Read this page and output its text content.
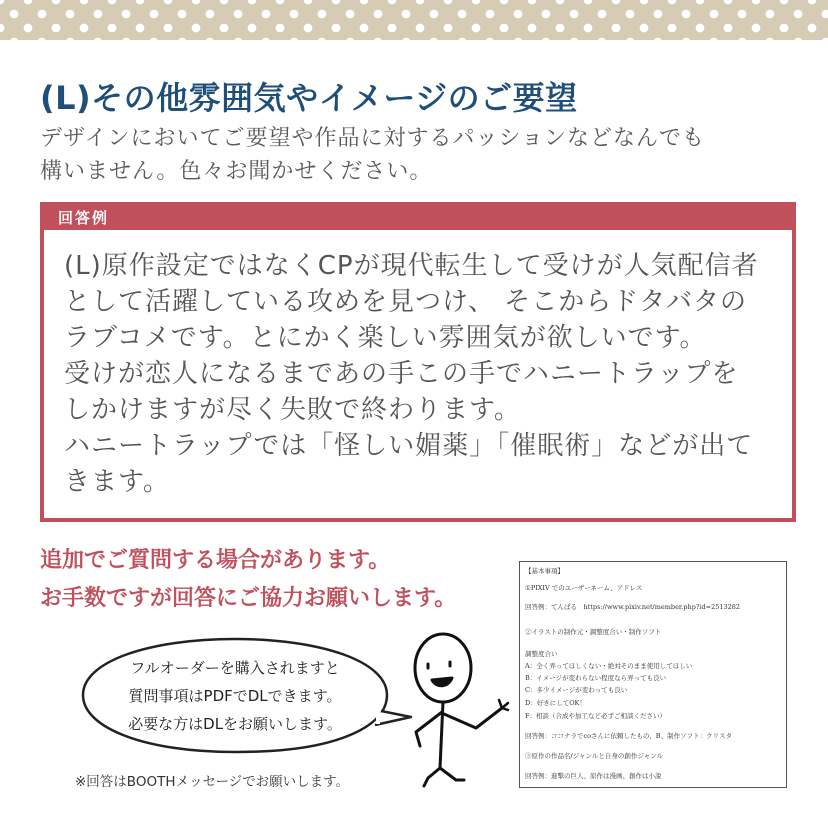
(L)その他雰囲気やイメージのご要望

デザインにおいてご要望や作品に対するパッションなどなんでも
構いません。色々お聞かせください。

回答例

(L)原作設定ではなくCPが現代転生して受けが人気配信者
として活躍している攻めを見つけ、 そこからドタバタの
ラブコメです。とにかく楽しい雰囲気が欲しいです。
受けが恋人になるまであの手この手でハニートラップを
しかけますが尽く失敗で終わります。
ハニートラップでは「怪しい媚薬」「催眠術」などが出て
きます。

追加でご質問する場合があります。
お手数ですが回答にご協力お願いします。

フルオーダーを購入されますと
質問事項はPDFでDLできます。
必要な方はDLをお願いします。

※回答はBOOTHメッセージでお願いします。

【基本事項】
①PIXIV でのユーザーネーム、アドレス
回答例：てんぱる　https://www.pixiv.net/member.php?id=2513282
②イラストの制作元・調整度合い・制作ソフト
調整度合い
A：全く弄ってほしくない・絶対そのまま使用してほしい
B：イメージが変わらない程度なら弄っても良い
C：多少イメージが変わっても良い
D：好きにしてOK！
F：相談（合成や加工など必ずご相談ください）
回答例：ココナラでcoさんに依頼したもの、B、制作ソフト：クリスタ
③原作の作品名/ジャンルと自身の創作ジャンル
回答例：進撃の巨人、原作は漫画、創作は小説
